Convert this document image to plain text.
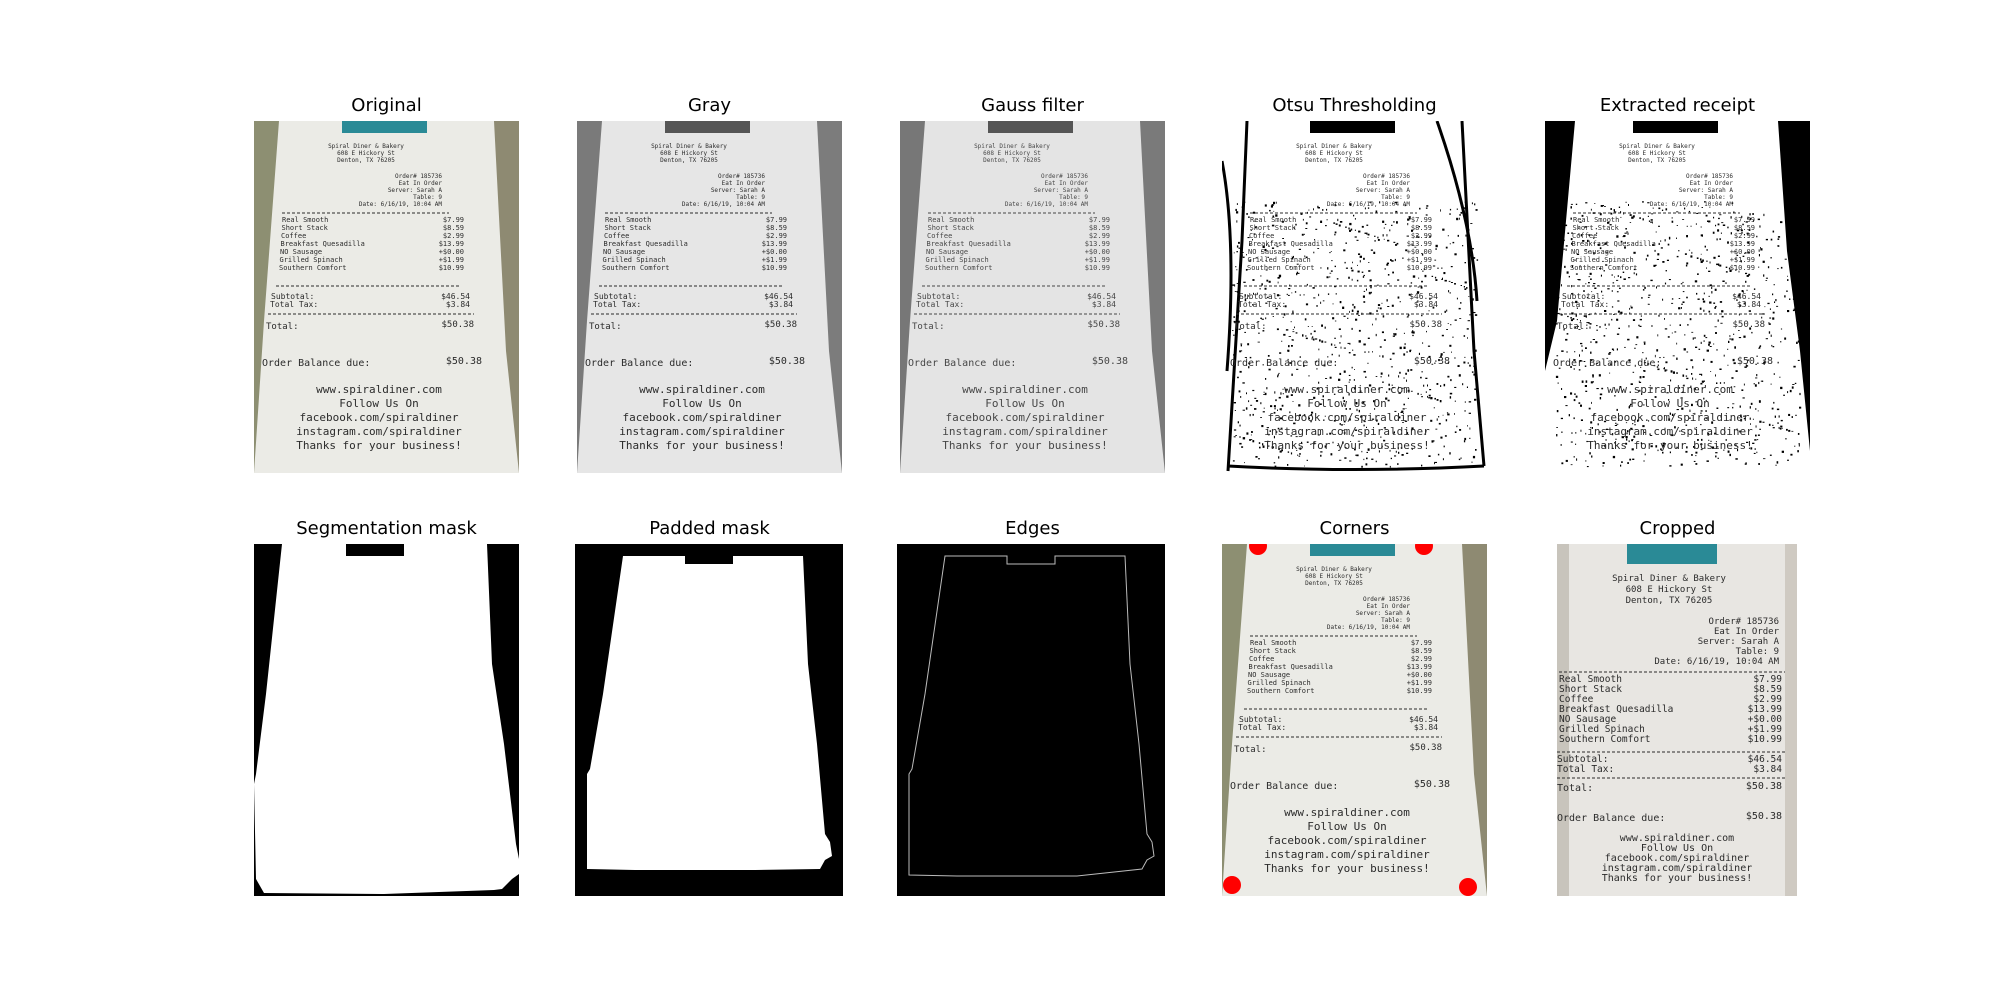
Original
Spiral Diner & Bakery
608 E Hickory St
Denton, TX 76205
Order# 185736
Eat In Order
Server: Sarah A
Table: 9
Date: 6/16/19, 10:04 AM
Real Smooth	$7.99
Short Stack	$8.59
Coffee	$2.99
Breakfast Quesadilla	$13.99
NO Sausage	+$0.00
Grilled Spinach	+$1.99
Southern Comfort	$10.99
Subtotal:	$46.54
Total Tax:	$3.84
Total:	$50.38
Order Balance due:	$50.38
www.spiraldiner.com
Follow Us On
facebook.com/spiraldiner
instagram.com/spiraldiner
Thanks for your business!
Gray
Spiral Diner & Bakery
608 E Hickory St
Denton, TX 76205
Order# 185736
Eat In Order
Server: Sarah A
Table: 9
Date: 6/16/19, 10:04 AM
Real Smooth	$7.99
Short Stack	$8.59
Coffee	$2.99
Breakfast Quesadilla	$13.99
NO Sausage	+$0.00
Grilled Spinach	+$1.99
Southern Comfort	$10.99
Subtotal:	$46.54
Total Tax:	$3.84
Total:	$50.38
Order Balance due:	$50.38
www.spiraldiner.com
Follow Us On
facebook.com/spiraldiner
instagram.com/spiraldiner
Thanks for your business!
Gauss filter
Spiral Diner & Bakery
608 E Hickory St
Denton, TX 76205
Order# 185736
Eat In Order
Server: Sarah A
Table: 9
Date: 6/16/19, 10:04 AM
Real Smooth	$7.99
Short Stack	$8.59
Coffee	$2.99
Breakfast Quesadilla	$13.99
NO Sausage	+$0.00
Grilled Spinach	+$1.99
Southern Comfort	$10.99
Subtotal:	$46.54
Total Tax:	$3.84
Total:	$50.38
Order Balance due:	$50.38
www.spiraldiner.com
Follow Us On
facebook.com/spiraldiner
instagram.com/spiraldiner
Thanks for your business!
Otsu Thresholding
Spiral Diner & Bakery
608 E Hickory St
Denton, TX 76205
Order# 185736
Eat In Order
Server: Sarah A
Table: 9
Date: 6/16/19, 10:04 AM
Real Smooth	$7.99
Short Stack	$8.59
Coffee	$2.99
Breakfast Quesadilla	$13.99
NO Sausage	+$0.00
Grilled Spinach	+$1.99
Southern Comfort	$10.99
Subtotal:	$46.54
Total Tax:	$3.84
Total:	$50.38
Order Balance due:	$50.38
www.spiraldiner.com
Follow Us On
facebook.com/spiraldiner
instagram.com/spiraldiner
Thanks for your business!
Extracted receipt
Spiral Diner & Bakery
608 E Hickory St
Denton, TX 76205
Order# 185736
Eat In Order
Server: Sarah A
Table: 9
Date: 6/16/19, 10:04 AM
Real Smooth	$7.99
Short Stack	$8.59
Coffee	$2.99
Breakfast Quesadilla	$13.99
NO Sausage	+$0.00
Grilled Spinach	+$1.99
Southern Comfort	$10.99
Subtotal:	$46.54
Total Tax:	$3.84
Total:	$50.38
Order Balance due:	$50.38
www.spiraldiner.com
Follow Us On
facebook.com/spiraldiner
instagram.com/spiraldiner
Thanks for your business!
Segmentation mask	Padded mask	Edges	Corners
Spiral Diner & Bakery
608 E Hickory St
Denton, TX 76205
Order# 185736
Eat In Order
Server: Sarah A
Table: 9
Date: 6/16/19, 10:04 AM
Real Smooth	$7.99
Short Stack	$8.59
Coffee	$2.99
Breakfast Quesadilla	$13.99
NO Sausage	+$0.00
Grilled Spinach	+$1.99
Southern Comfort	$10.99
Subtotal:	$46.54
Total Tax:	$3.84
Total:	$50.38
Order Balance due:	$50.38
www.spiraldiner.com
Follow Us On
facebook.com/spiraldiner
instagram.com/spiraldiner
Thanks for your business!
Cropped
Spiral Diner & Bakery
608 E Hickory St
Denton, TX 76205
Order# 185736
Eat In Order
Server: Sarah A
Table: 9
Date: 6/16/19, 10:04 AM
Real Smooth	$7.99
Short Stack	$8.59
Coffee	$2.99
Breakfast Quesadilla	$13.99
NO Sausage	+$0.00
Grilled Spinach	+$1.99
Southern Comfort	$10.99
Subtotal:	$46.54
Total Tax:	$3.84
Total:	$50.38
Order Balance due:	$50.38
www.spiraldiner.com
Follow Us On
facebook.com/spiraldiner
instagram.com/spiraldiner
Thanks for your business!
